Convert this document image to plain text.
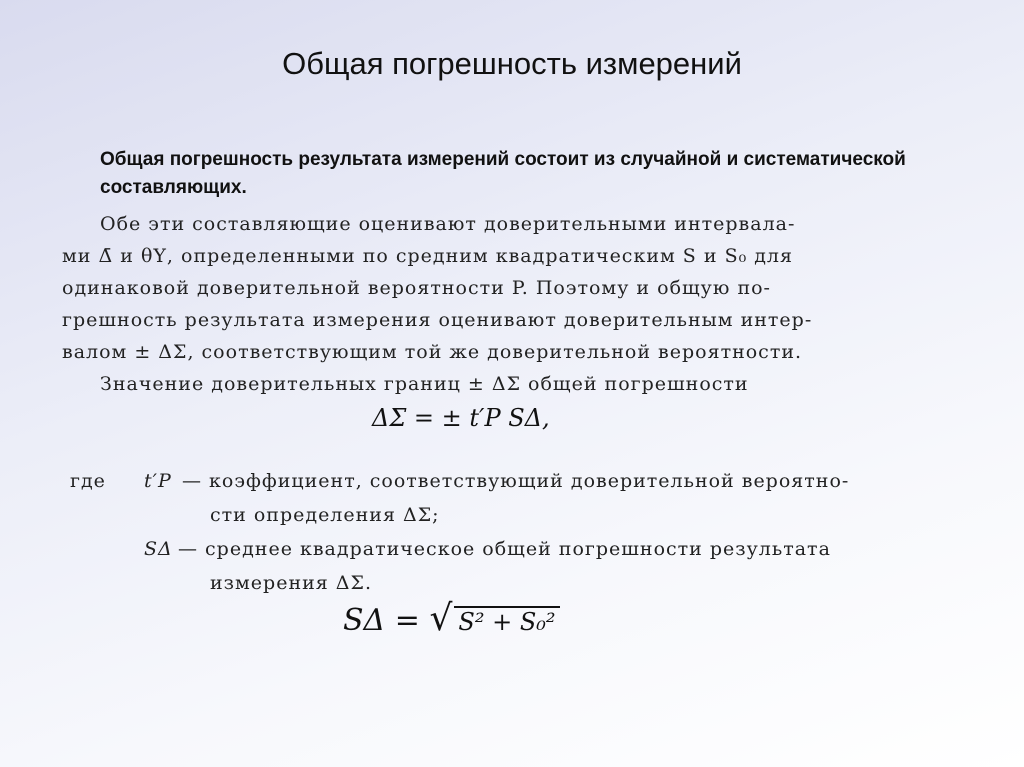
Общая погрешность измерений
Общая погрешность результата измерений состоит из случайной и систематической составляющих.
Обе эти составляющие оценивают доверительными интервала-
ми Δ̄ и θΥ, определенными по средним квадратическим S и S₀ для
одинаковой доверительной вероятности P. Поэтому и общую по-
грешность результата измерения оценивают доверительным интер-
валом ± ΔΣ, соответствующим той же доверительной вероятности.
Значение доверительных границ ± ΔΣ общей погрешности
ΔΣ = ± t′P SΔ,
где t′P — коэффициент, соответствующий доверительной вероятно-
сти определения ΔΣ;
SΔ — среднее квадратическое общей погрешности результата
измерения ΔΣ.
SΔ = √ S² + S₀²
